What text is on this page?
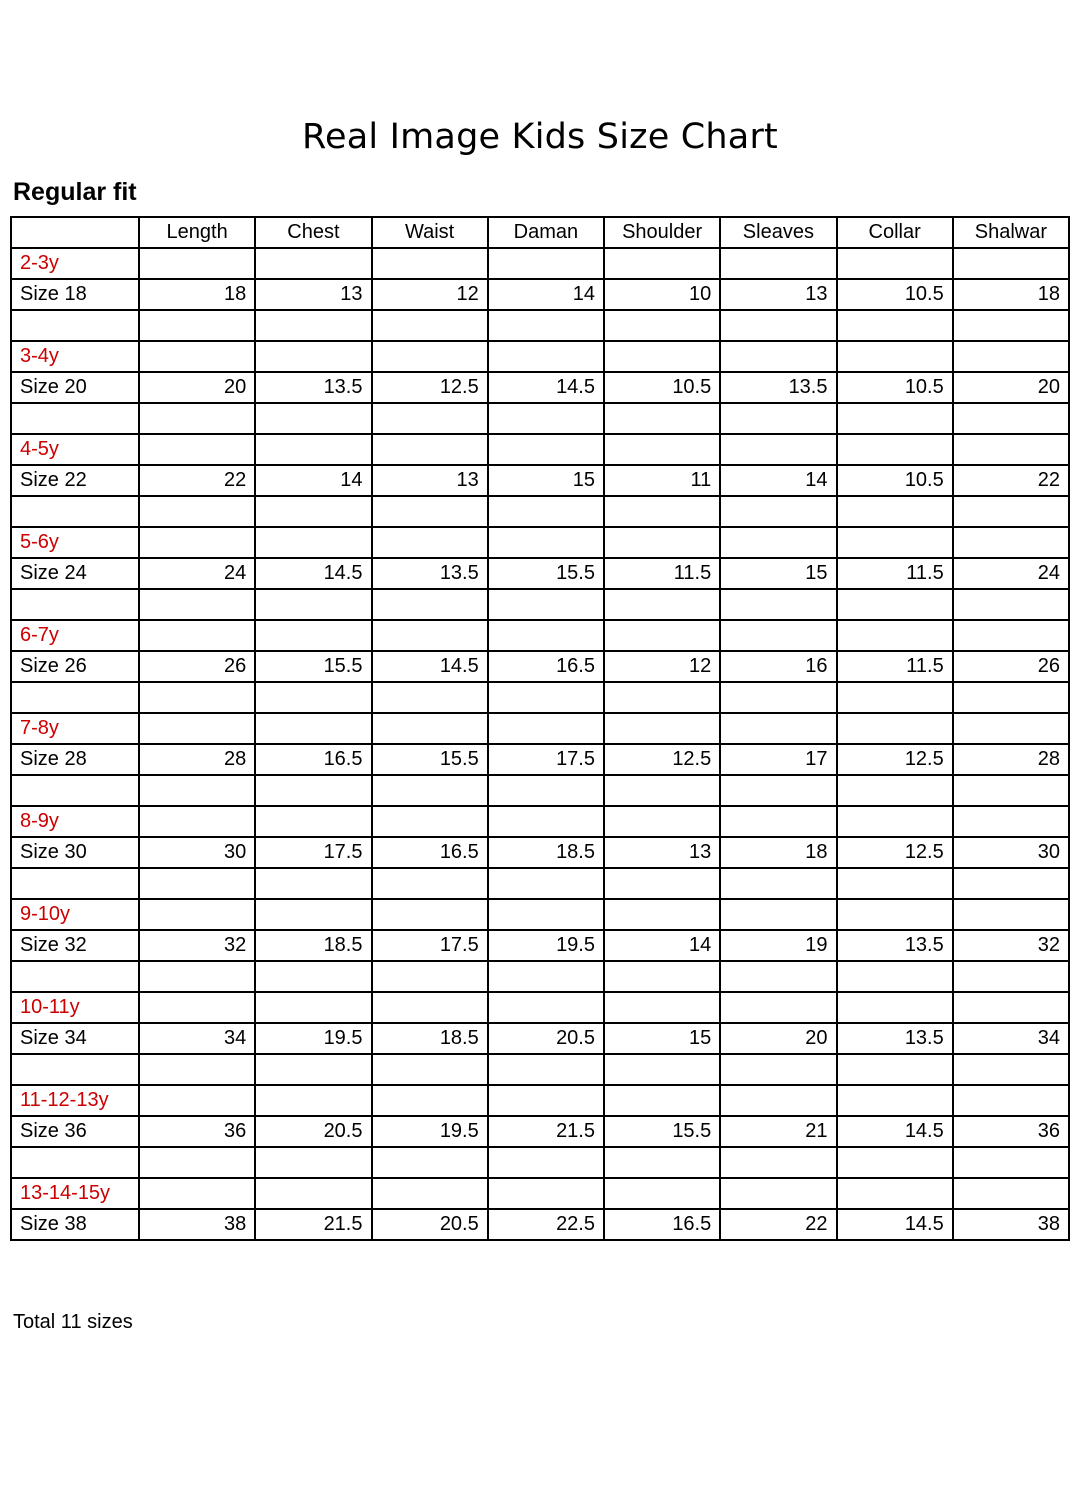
Real Image Kids Size Chart
Regular fit
	Length	Chest	Waist	Daman	Shoulder	Sleaves	Collar	Shalwar
2-3y								
Size 18	18	13	12	14	10	13	10.5	18

3-4y								
Size 20	20	13.5	12.5	14.5	10.5	13.5	10.5	20

4-5y								
Size 22	22	14	13	15	11	14	10.5	22

5-6y								
Size 24	24	14.5	13.5	15.5	11.5	15	11.5	24

6-7y								
Size 26	26	15.5	14.5	16.5	12	16	11.5	26

7-8y								
Size 28	28	16.5	15.5	17.5	12.5	17	12.5	28

8-9y								
Size 30	30	17.5	16.5	18.5	13	18	12.5	30

9-10y								
Size 32	32	18.5	17.5	19.5	14	19	13.5	32

10-11y								
Size 34	34	19.5	18.5	20.5	15	20	13.5	34

11-12-13y								
Size 36	36	20.5	19.5	21.5	15.5	21	14.5	36

13-14-15y								
Size 38	38	21.5	20.5	22.5	16.5	22	14.5	38
Total 11 sizes
